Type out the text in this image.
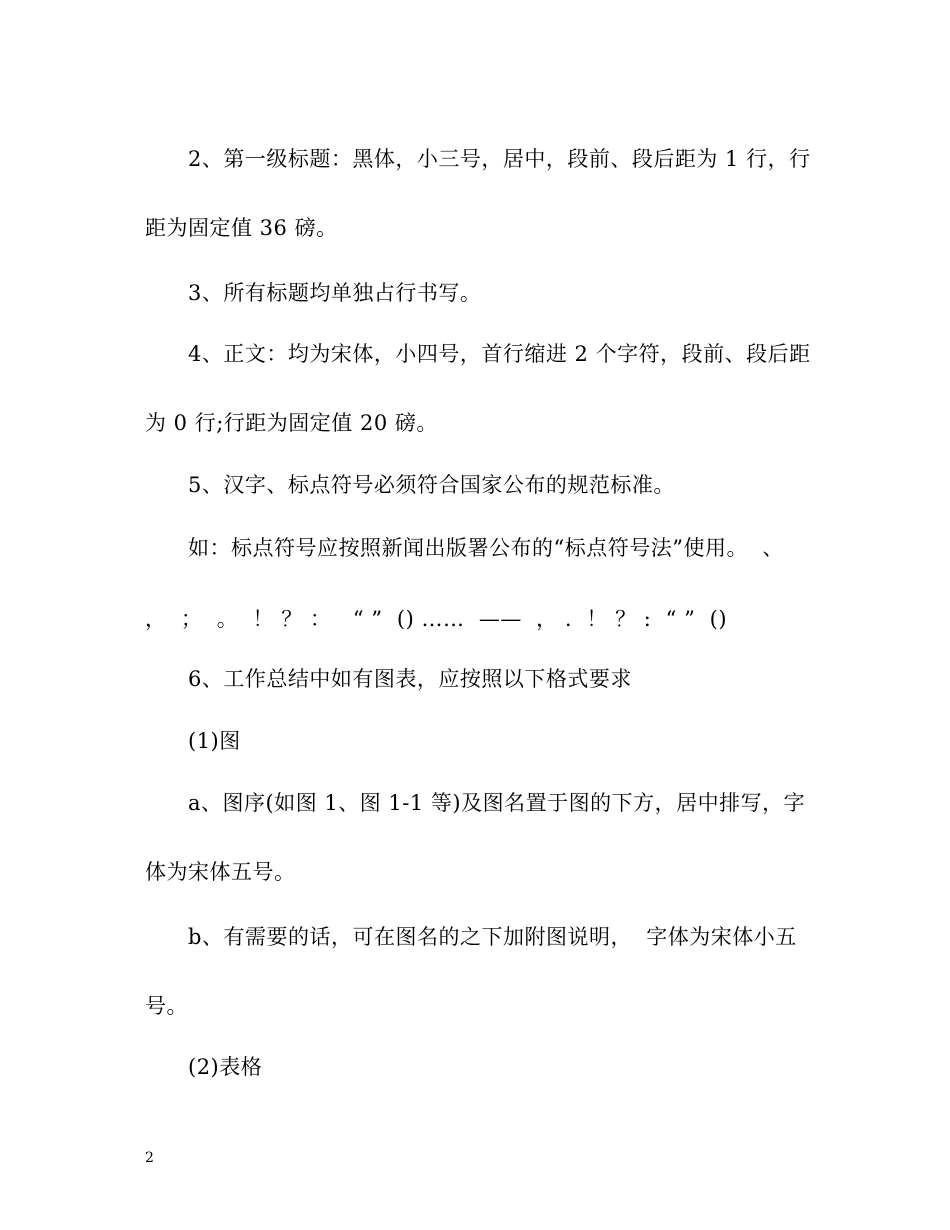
2、第一级标题：黑体，小三号，居中，段前、段后距为 1 行，行
距为固定值 36 磅。
3、所有标题均单独占行书写。
4、正文：均为宋体，小四号，首行缩进 2 个字符，段前、段后距
为 0 行;行距为固定值 20 磅。
5、汉字、标点符号必须符合国家公布的规范标准。
如：标点符号应按照新闻出版署公布的“标点符号法”使用。  、
，  ；  。  ！ ？ ：   “ ”  () ……  ——  ， .  ！ ？ :  “ ”  ()
6、工作总结中如有图表，应按照以下格式要求
(1)图
a、图序(如图 1、图 1-1 等)及图名置于图的下方，居中排写，字
体为宋体五号。
b、有需要的话，可在图名的之下加附图说明，  字体为宋体小五
号。
(2)表格
2
